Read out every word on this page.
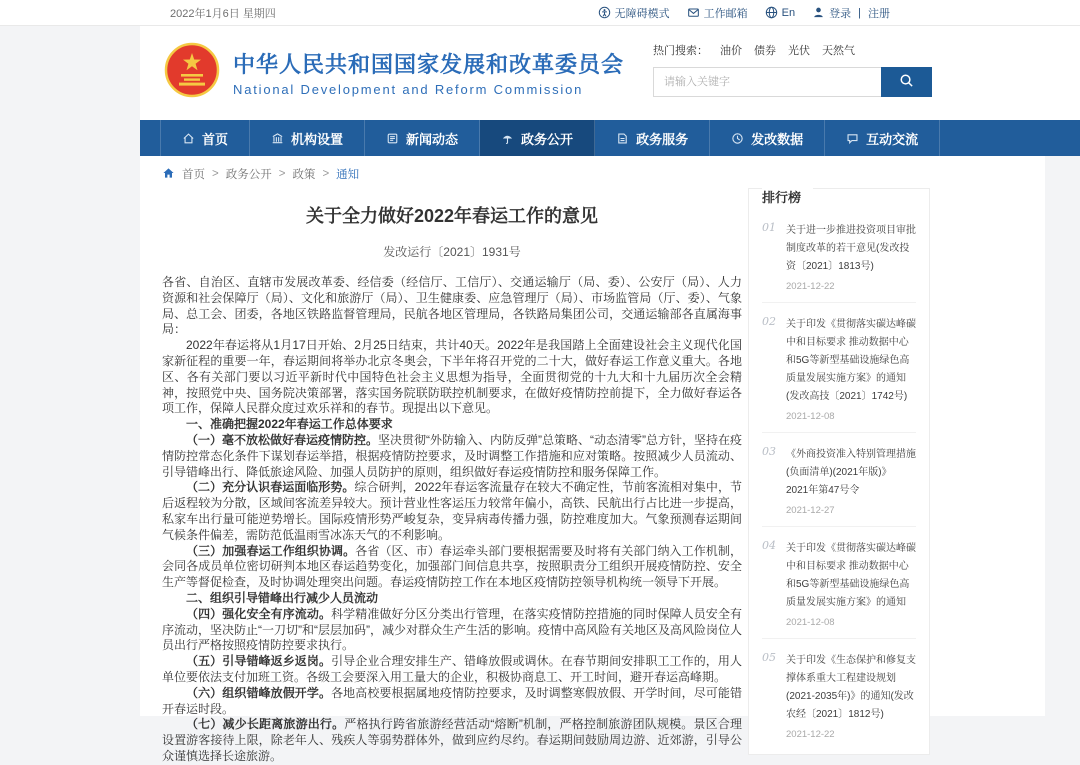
2022年1月6日 星期四	无障碍模式	工作邮箱	En	登录 | 注册
中华人民共和国国家发展和改革委员会
National Development and Reform Commission
热门搜索： 油价 债券 光伏 天然气
请输入关键字
首页	机构设置	新闻动态	政务公开	政务服务	发改数据	互动交流
首页 > 政务公开 > 政策 > 通知
关于全力做好2022年春运工作的意见
发改运行〔2021〕1931号

各省、自治区、直辖市发展改革委、经信委（经信厅、工信厅）、交通运输厅（局、委）、公安厅（局）、人力资源和社会保障厅（局）、文化和旅游厅（局）、卫生健康委、应急管理厅（局）、市场监管局（厅、委）、气象局、总工会、团委，各地区铁路监督管理局，民航各地区管理局，各铁路局集团公司，交通运输部各直属海事局：

2022年春运将从1月17日开始、2月25日结束，共计40天。2022年是我国踏上全面建设社会主义现代化国家新征程的重要一年，春运期间将举办北京冬奥会，下半年将召开党的二十大，做好春运工作意义重大。各地区、各有关部门要以习近平新时代中国特色社会主义思想为指导，全面贯彻党的十九大和十九届历次全会精神，按照党中央、国务院决策部署，落实国务院联防联控机制要求，在做好疫情防控前提下，全力做好春运各项工作，保障人民群众度过欢乐祥和的春节。现提出以下意见。

一、准确把握2022年春运工作总体要求

（一）毫不放松做好春运疫情防控。坚决贯彻“外防输入、内防反弹”总策略、“动态清零”总方针，坚持在疫情防控常态化条件下谋划春运举措，根据疫情防控要求，及时调整工作措施和应对策略。按照减少人员流动、引导错峰出行、降低旅途风险、加强人员防护的原则，组织做好春运疫情防控和服务保障工作。

（二）充分认识春运面临形势。综合研判，2022年春运客流量存在较大不确定性，节前客流相对集中，节后返程较为分散，区域间客流差异较大。预计营业性客运压力较常年偏小，高铁、民航出行占比进一步提高，私家车出行量可能逆势增长。国际疫情形势严峻复杂，变异病毒传播力强，防控难度加大。气象预测春运期间气候条件偏差，需防范低温雨雪冰冻天气的不利影响。

（三）加强春运工作组织协调。各省（区、市）春运牵头部门要根据需要及时将有关部门纳入工作机制，会同各成员单位密切研判本地区春运趋势变化，加强部门间信息共享，按照职责分工组织开展疫情防控、安全生产等督促检查，及时协调处理突出问题。春运疫情防控工作在本地区疫情防控领导机构统一领导下开展。

二、组织引导错峰出行减少人员流动

（四）强化安全有序流动。科学精准做好分区分类出行管理，在落实疫情防控措施的同时保障人员安全有序流动，坚决防止“一刀切”和“层层加码”，减少对群众生产生活的影响。疫情中高风险有关地区及高风险岗位人员出行严格按照疫情防控要求执行。

（五）引导错峰返乡返岗。引导企业合理安排生产、错峰放假或调休。在春节期间安排职工工作的，用人单位要依法支付加班工资。各级工会要深入用工量大的企业，积极协商息工、开工时间，避开春运高峰期。

（六）组织错峰放假开学。各地高校要根据属地疫情防控要求，及时调整寒假放假、开学时间，尽可能错开春运时段。

（七）减少长距离旅游出行。严格执行跨省旅游经营活动“熔断”机制，严格控制旅游团队规模。景区合理设置游客接待上限，除老年人、残疾人等弱势群体外，做到应约尽约。春运期间鼓励周边游、近郊游，引导公众谨慎选择长途旅游。

排行榜
01 关于进一步推进投资项目审批制度改革的若干意见(发改投资〔2021〕1813号)
2021-12-22
02 关于印发《贯彻落实碳达峰碳中和目标要求 推动数据中心和5G等新型基础设施绿色高质量发展实施方案》的通知(发改高技〔2021〕1742号)
2021-12-08
03 《外商投资准入特别管理措施(负面清单)(2021年版)》 2021年第47号令
2021-12-27
04 关于印发《贯彻落实碳达峰碳中和目标要求 推动数据中心和5G等新型基础设施绿色高质量发展实施方案》的通知
2021-12-08
05 关于印发《生态保护和修复支撑体系重大工程建设规划(2021-2035年)》的通知(发改农经〔2021〕1812号)
2021-12-22
